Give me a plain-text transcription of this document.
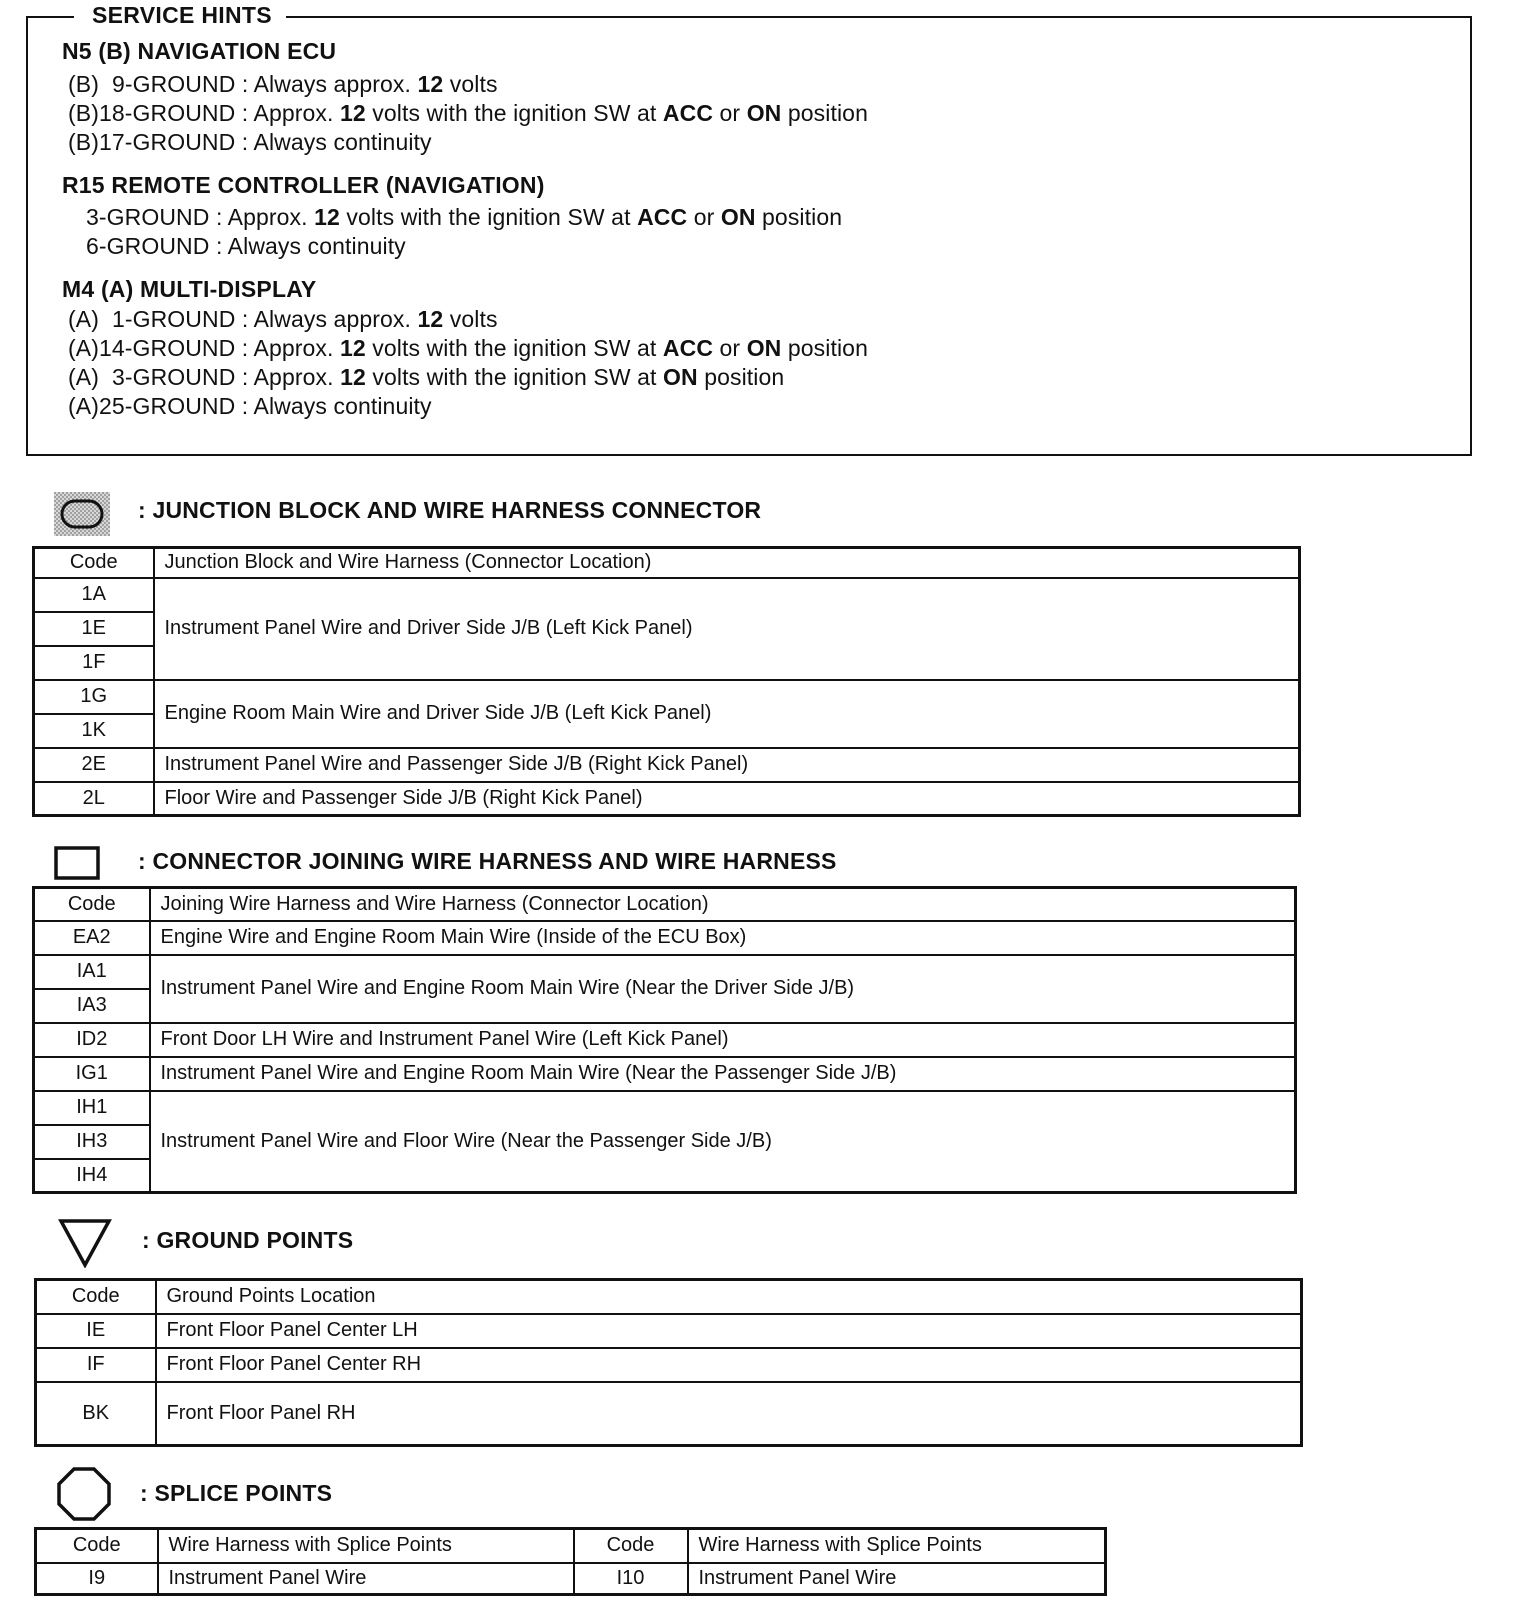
SERVICE HINTS
N5 (B) NAVIGATION ECU
(B)  9-GROUND : Always approx. 12 volts
(B)18-GROUND : Approx. 12 volts with the ignition SW at ACC or ON position
(B)17-GROUND : Always continuity
R15 REMOTE CONTROLLER (NAVIGATION)
3-GROUND : Approx. 12 volts with the ignition SW at ACC or ON position
6-GROUND : Always continuity
M4 (A) MULTI-DISPLAY
(A)  1-GROUND : Always approx. 12 volts
(A)14-GROUND : Approx. 12 volts with the ignition SW at ACC or ON position
(A)  3-GROUND : Approx. 12 volts with the ignition SW at ON position
(A)25-GROUND : Always continuity
: JUNCTION BLOCK AND WIRE HARNESS CONNECTOR
Code	Junction Block and Wire Harness (Connector Location)
1A	Instrument Panel Wire and Driver Side J/B (Left Kick Panel)
1E	
1F	
1G	Engine Room Main Wire and Driver Side J/B (Left Kick Panel)
1K	
2E	Instrument Panel Wire and Passenger Side J/B (Right Kick Panel)
2L	Floor Wire and Passenger Side J/B (Right Kick Panel)
: CONNECTOR JOINING WIRE HARNESS AND WIRE HARNESS
Code	Joining Wire Harness and Wire Harness (Connector Location)
EA2	Engine Wire and Engine Room Main Wire (Inside of the ECU Box)
IA1	Instrument Panel Wire and Engine Room Main Wire (Near the Driver Side J/B)
IA3	
ID2	Front Door LH Wire and Instrument Panel Wire (Left Kick Panel)
IG1	Instrument Panel Wire and Engine Room Main Wire (Near the Passenger Side J/B)
IH1	Instrument Panel Wire and Floor Wire (Near the Passenger Side J/B)
IH3	
IH4	
: GROUND POINTS
Code	Ground Points Location
IE	Front Floor Panel Center LH
IF	Front Floor Panel Center RH
BK	Front Floor Panel RH
: SPLICE POINTS
Code	Wire Harness with Splice Points	Code	Wire Harness with Splice Points
I9	Instrument Panel Wire	I10	Instrument Panel Wire
